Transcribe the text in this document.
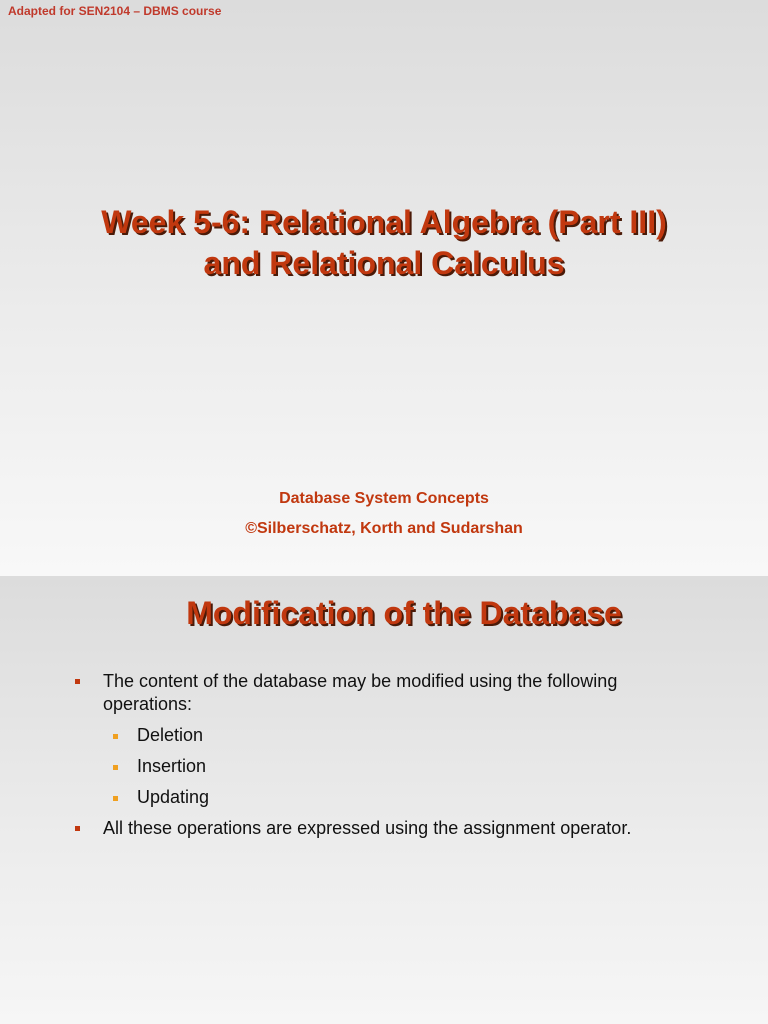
Adapted for SEN2104 – DBMS course
Week 5-6: Relational Algebra (Part III)
and Relational Calculus
Database System Concepts
©Silberschatz, Korth and Sudarshan
Modification of the Database
The content of the database may be modified using the following operations:
Deletion
Insertion
Updating
All these operations are expressed using the assignment operator.
